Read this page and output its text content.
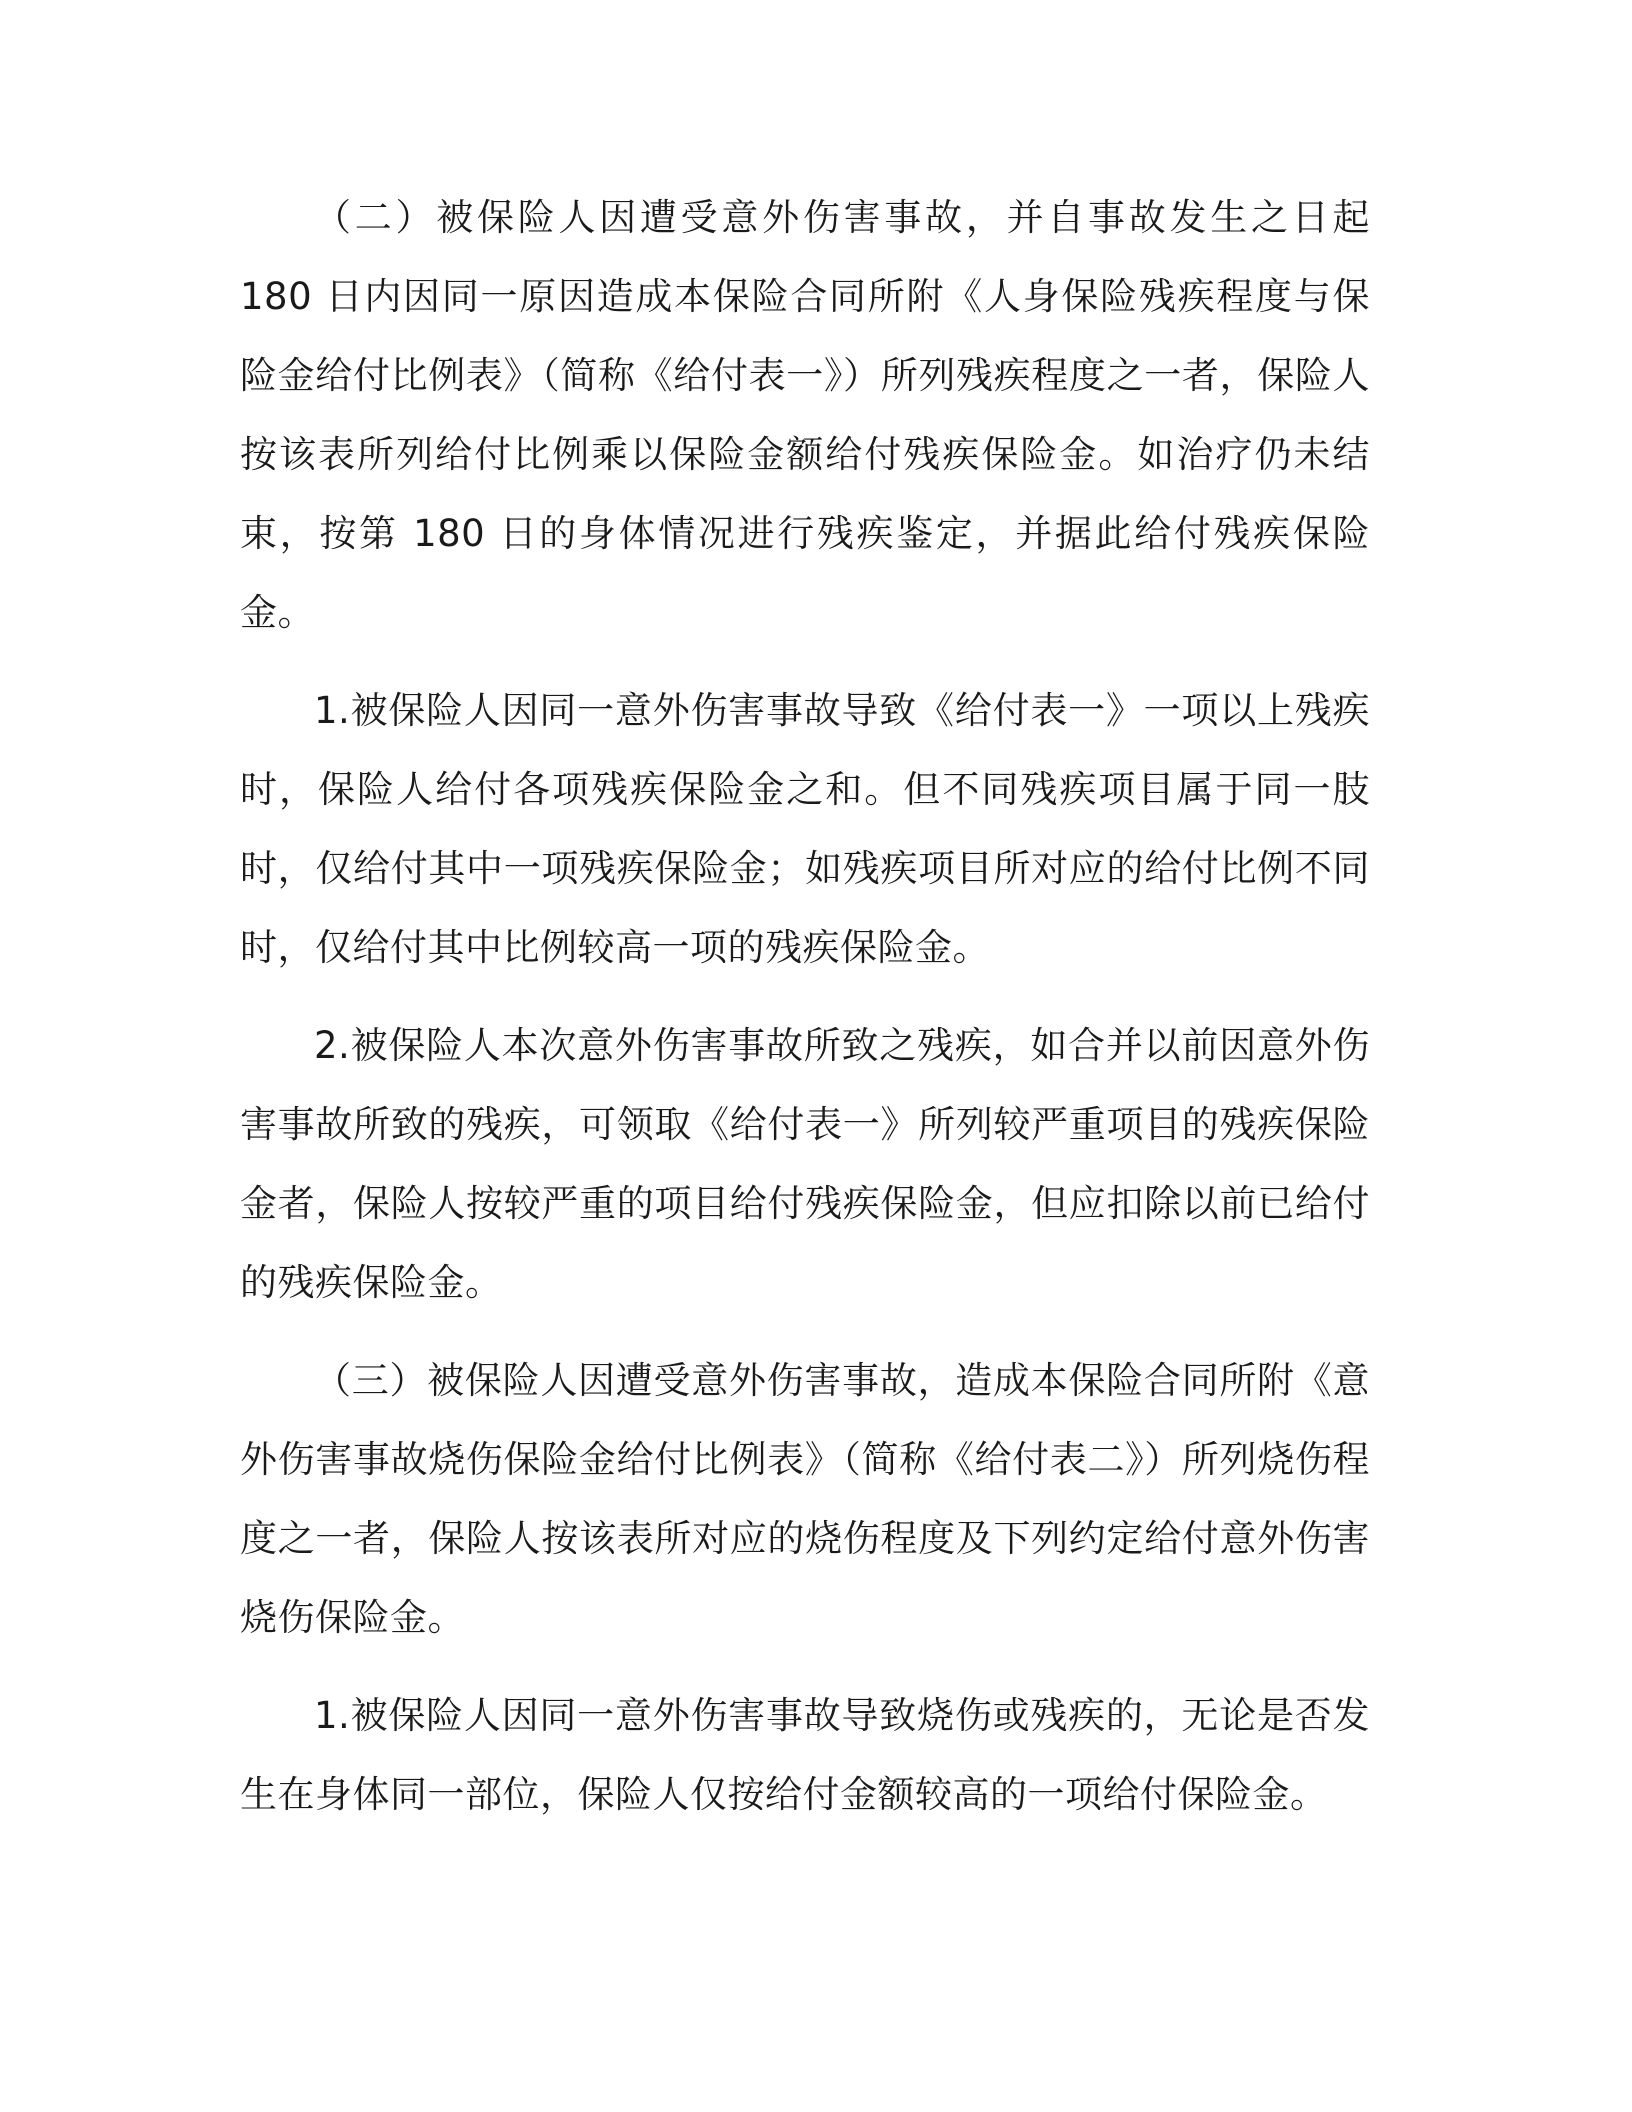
（二）被保险人因遭受意外伤害事故，并自事故发生之日起 180 日内因同一原因造成本保险合同所附《人身保险残疾程度与保险金给付比例表》（简称《给付表一》）所列残疾程度之一者，保险人按该表所列给付比例乘以保险金额给付残疾保险金。如治疗仍未结束，按第 180 日的身体情况进行残疾鉴定，并据此给付残疾保险金。

1.被保险人因同一意外伤害事故导致《给付表一》一项以上残疾时，保险人给付各项残疾保险金之和。但不同残疾项目属于同一肢时，仅给付其中一项残疾保险金；如残疾项目所对应的给付比例不同时，仅给付其中比例较高一项的残疾保险金。

2.被保险人本次意外伤害事故所致之残疾，如合并以前因意外伤害事故所致的残疾，可领取《给付表一》所列较严重项目的残疾保险金者，保险人按较严重的项目给付残疾保险金，但应扣除以前已给付的残疾保险金。

（三）被保险人因遭受意外伤害事故，造成本保险合同所附《意外伤害事故烧伤保险金给付比例表》（简称《给付表二》）所列烧伤程度之一者，保险人按该表所对应的烧伤程度及下列约定给付意外伤害烧伤保险金。

1.被保险人因同一意外伤害事故导致烧伤或残疾的，无论是否发生在身体同一部位，保险人仅按给付金额较高的一项给付保险金。
